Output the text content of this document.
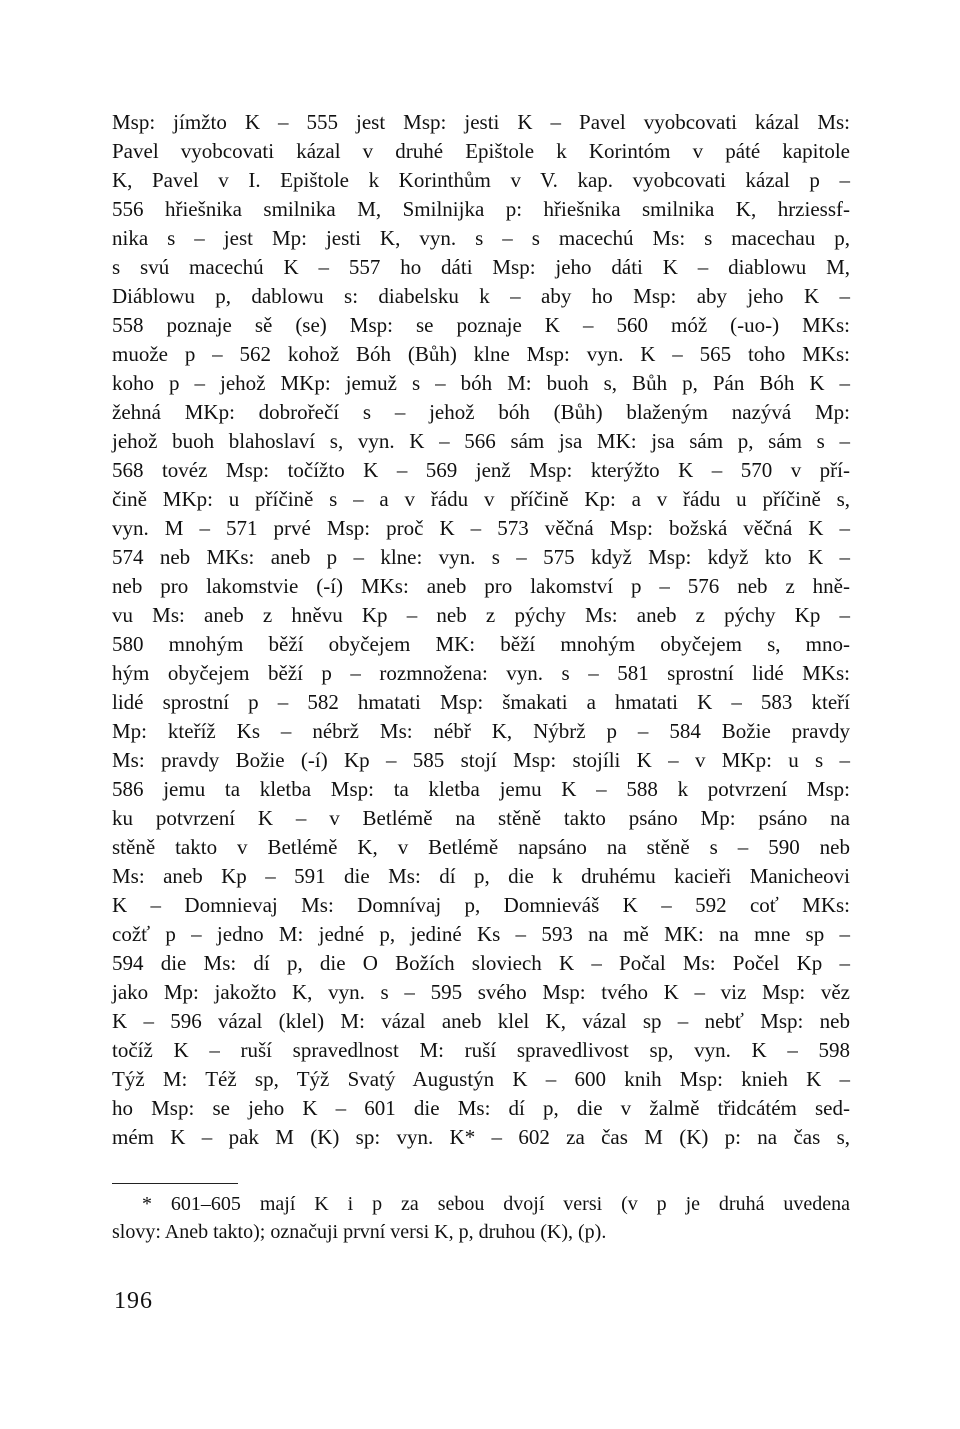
Msp: jímžto K – 555 jest Msp: jesti K – Pavel vyobcovati kázal Ms:
Pavel vyobcovati kázal v druhé Epištole k Korintóm v páté kapitole
K, Pavel v I. Epištole k Korinthům v V. kap. vyobcovati kázal p –
556 hřiešnika smilnika M, Smilnijka p: hřiešnika smilnika K, hrziessf-
nika s – jest Mp: jesti K, vyn. s – s macechú Ms: s macechau p,
s svú macechú K – 557 ho dáti Msp: jeho dáti K – diablowu M,
Diáblowu p, dablowu s: diabelsku k – aby ho Msp: aby jeho K –
558 poznaje sě (se) Msp: se poznaje K – 560 móž (-uo-) MKs:
muože p – 562 kohož Bóh (Bůh) klne Msp: vyn. K – 565 toho MKs:
koho p – jehož MKp: jemuž s – bóh M: buoh s, Bůh p, Pán Bóh K –
žehná MKp: dobrořečí s – jehož bóh (Bůh) blaženým nazývá Mp:
jehož buoh blahoslaví s, vyn. K – 566 sám jsa MK: jsa sám p, sám s –
568 tovéz Msp: točížto K – 569 jenž Msp: kterýžto K – 570 v pří-
čině MKp: u příčině s – a v řádu v příčině Kp: a v řádu u příčině s,
vyn. M – 571 prvé Msp: proč K – 573 věčná Msp: božská věčná K –
574 neb MKs: aneb p – klne: vyn. s – 575 když Msp: když kto K –
neb pro lakomstvie (-í) MKs: aneb pro lakomství p – 576 neb z hně-
vu Ms: aneb z hněvu Kp – neb z pýchy Ms: aneb z pýchy Kp –
580 mnohým běží obyčejem MK: běží mnohým obyčejem s, mno-
hým obyčejem běží p – rozmnožena: vyn. s – 581 sprostní lidé MKs:
lidé sprostní p – 582 hmatati Msp: šmakati a hmatati K – 583 kteří
Mp: kteříž Ks – nébrž Ms: nébř K, Nýbrž p – 584 Božie pravdy
Ms: pravdy Božie (-í) Kp – 585 stojí Msp: stojíli K – v MKp: u s –
586 jemu ta kletba Msp: ta kletba jemu K – 588 k potvrzení Msp:
ku potvrzení K – v Betlémě na stěně takto psáno Mp: psáno na
stěně takto v Betlémě K, v Betlémě napsáno na stěně s – 590 neb
Ms: aneb Kp – 591 die Ms: dí p, die k druhému kacieři Manicheovi
K – Domnievaj Ms: Domnívaj p, Domnieváš K – 592 coť MKs:
cožť p – jedno M: jedné p, jediné Ks – 593 na mě MK: na mne sp –
594 die Ms: dí p, die O Božích sloviech K – Počal Ms: Počel Kp –
jako Mp: jakožto K, vyn. s – 595 svého Msp: tvého K – viz Msp: věz
K – 596 vázal (klel) M: vázal aneb klel K, vázal sp – nebť Msp: neb
točíž K – ruší spravedlnost M: ruší spravedlivost sp, vyn. K – 598
Týž M: Též sp, Týž Svatý Augustýn K – 600 knih Msp: knieh K –
ho Msp: se jeho K – 601 die Ms: dí p, die v žalmě třidcátém sed-
mém K – pak M (K) sp: vyn. K* – 602 za čas M (K) p: na čas s,
* 601–605 mají K i p za sebou dvojí versi (v p je druhá uvedena
slovy: Aneb takto); označuji první versi K, p, druhou (K), (p).
196
